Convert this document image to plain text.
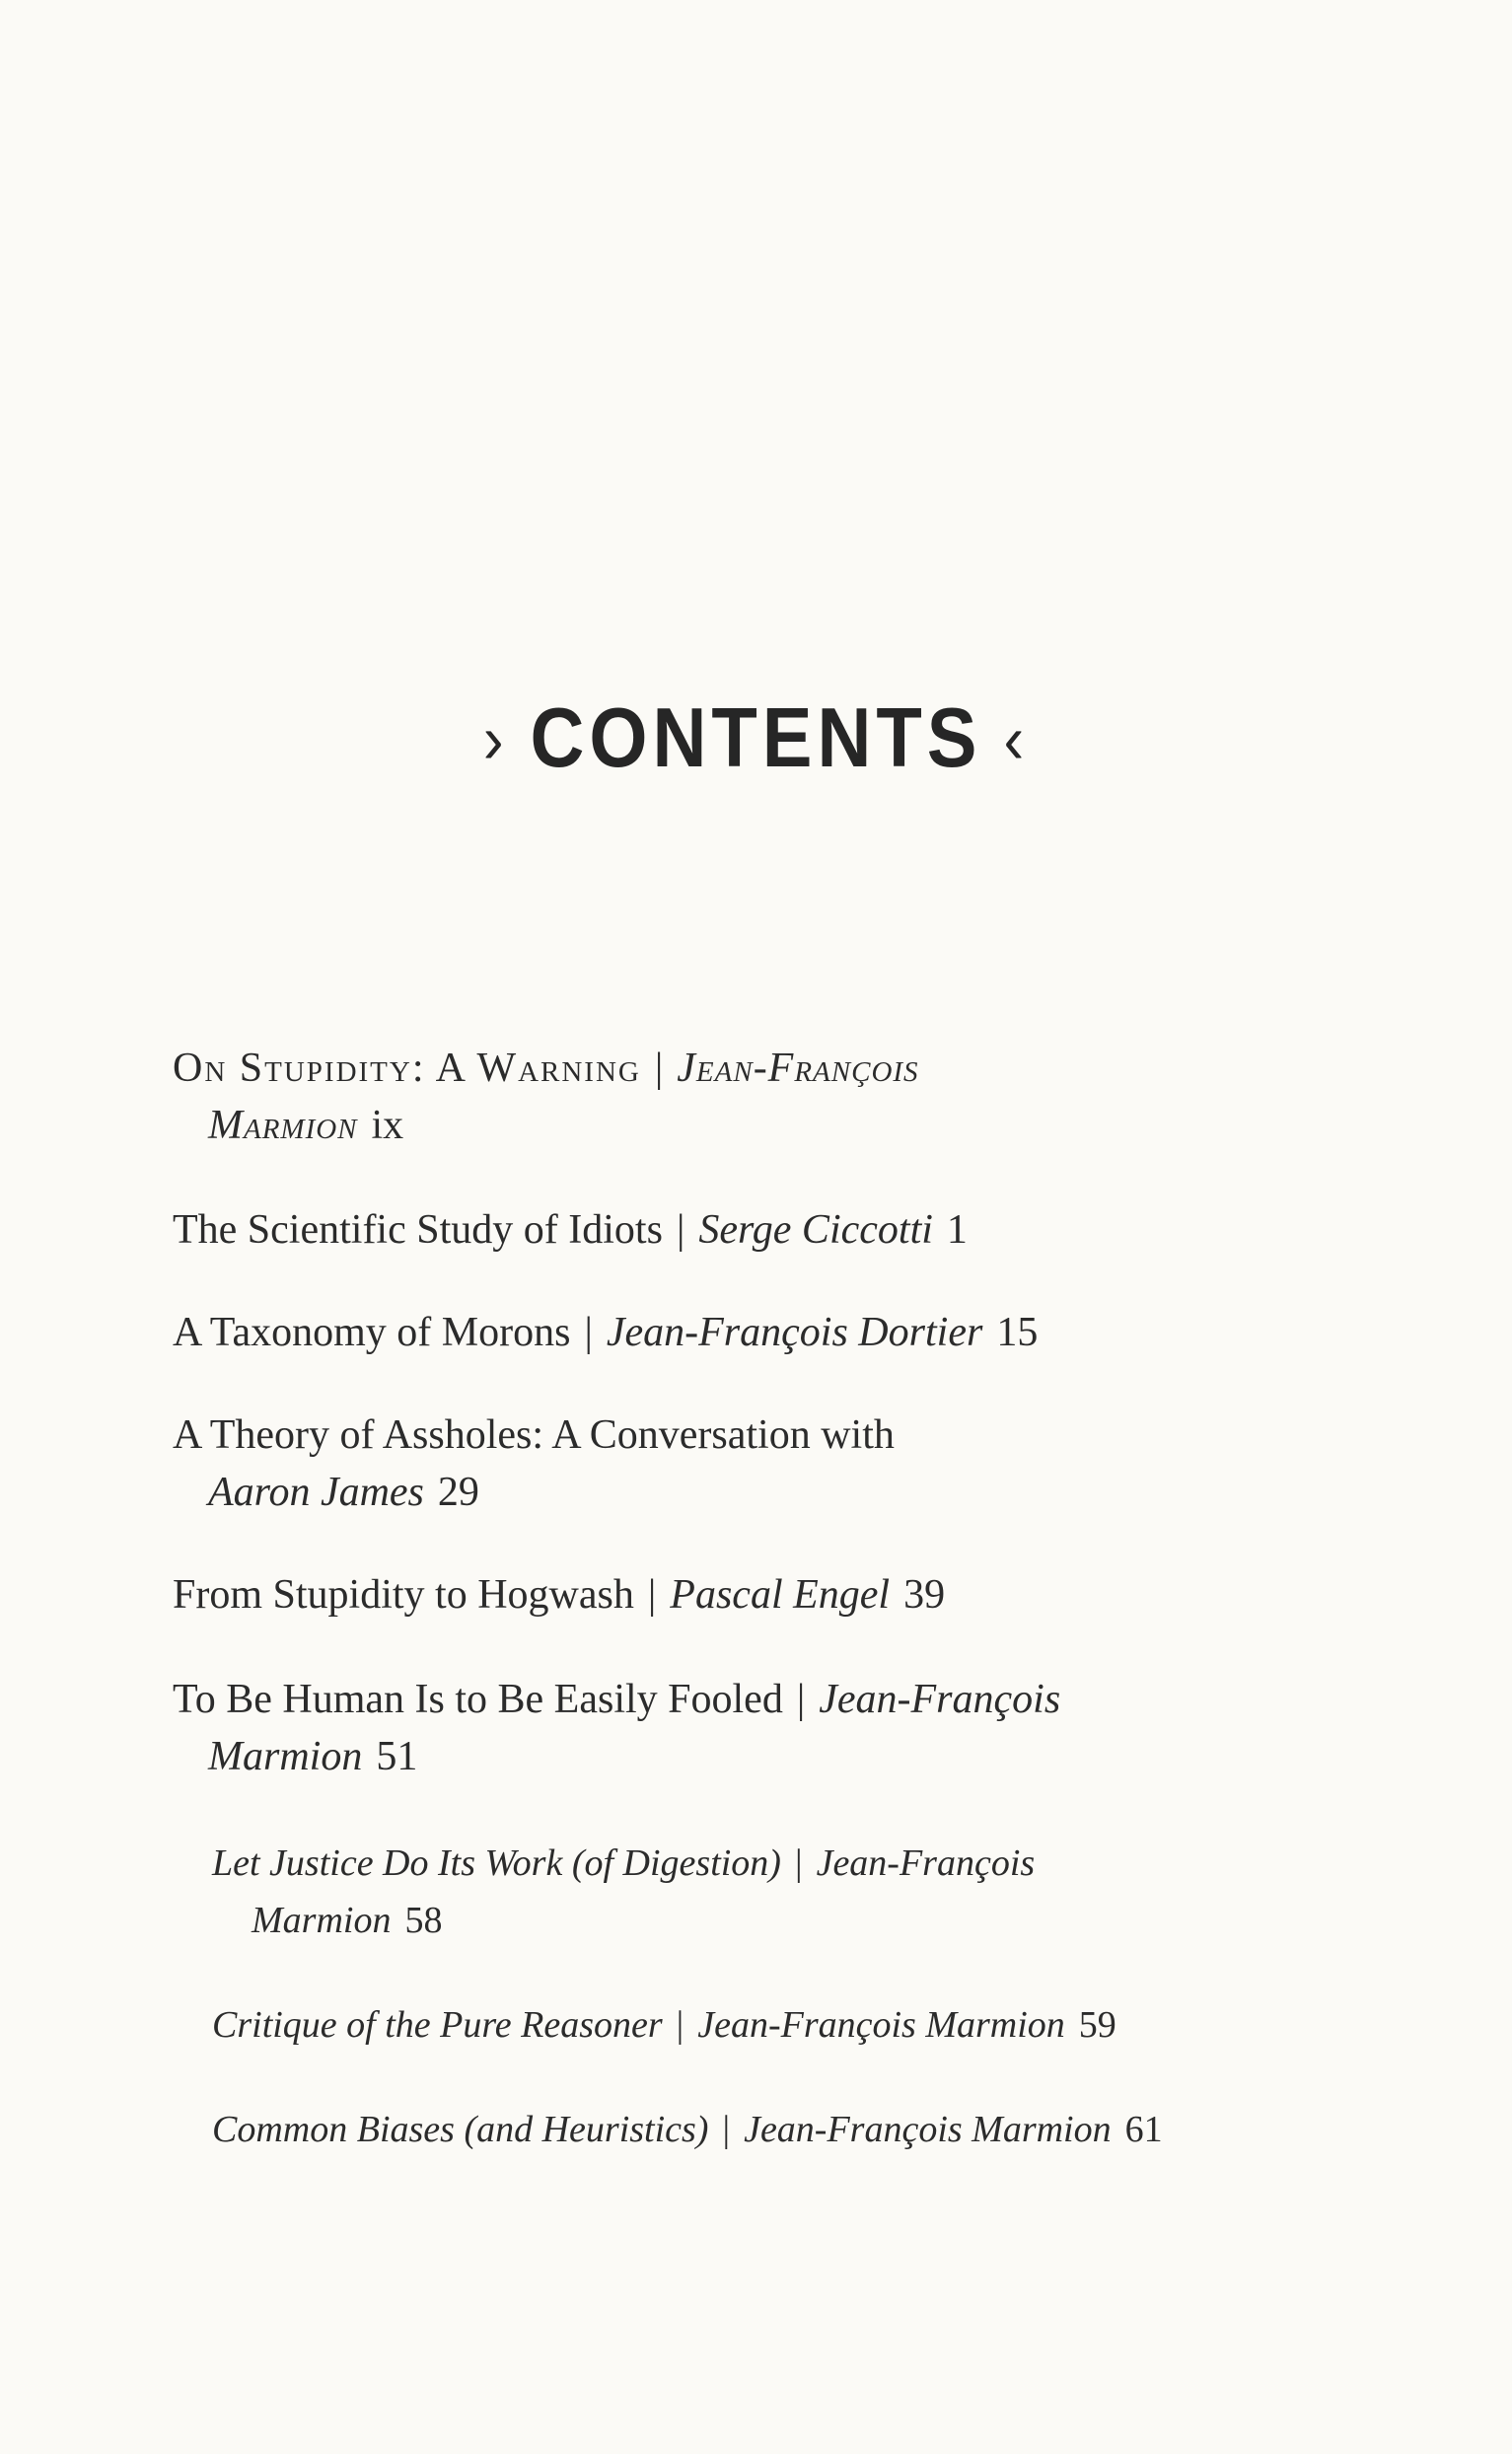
› CONTENTS ‹
On Stupidity: A Warning | Jean-François
Marmion ix
The Scientific Study of Idiots | Serge Ciccotti 1
A Taxonomy of Morons | Jean-François Dortier 15
A Theory of Assholes: A Conversation with
Aaron James 29
From Stupidity to Hogwash | Pascal Engel 39
To Be Human Is to Be Easily Fooled | Jean-François
Marmion 51
Let Justice Do Its Work (of Digestion) | Jean-François
Marmion 58
Critique of the Pure Reasoner | Jean-François Marmion 59
Common Biases (and Heuristics) | Jean-François Marmion 61
